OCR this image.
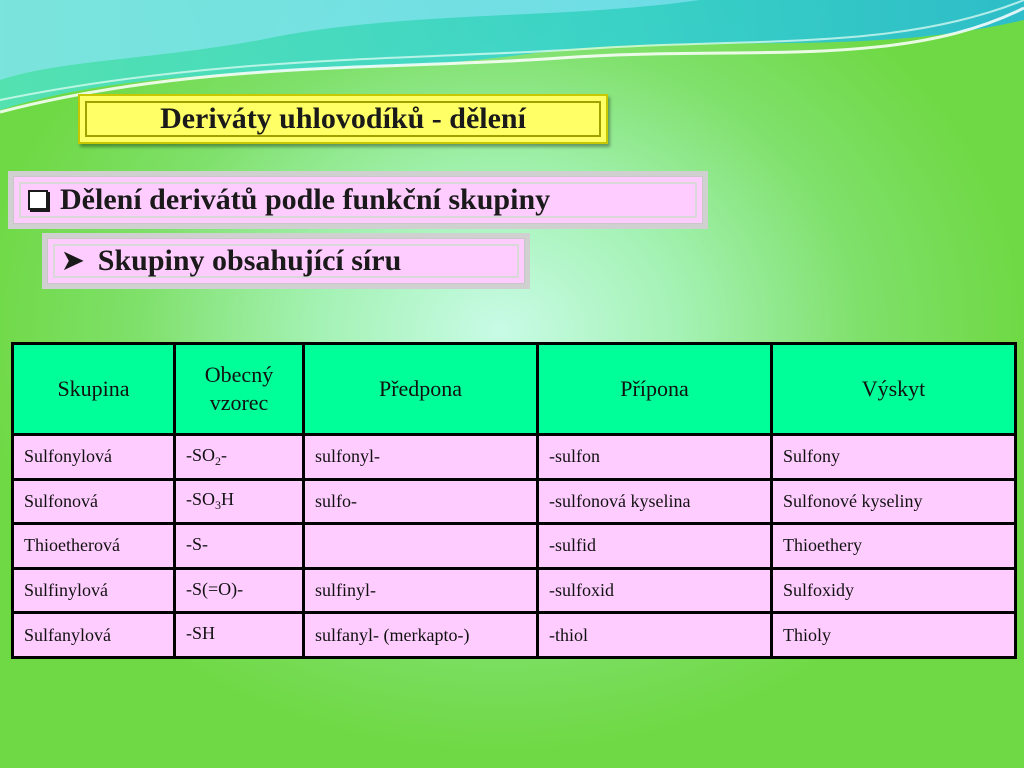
Deriváty uhlovodíků - dělení
Dělení derivátů podle funkční skupiny
➤ Skupiny obsahující síru
Skupina	Obecný vzorec	Předpona	Přípona	Výskyt
Sulfonylová	$-SO_2-$	sulfonyl-	-sulfon	Sulfony
Sulfonová	$-SO_3H$	sulfo-	-sulfonová kyselina	Sulfonové kyseliny
Thioetherová	-S-		-sulfid	Thioethery
Sulfinylová	-S(=O)-	sulfinyl-	-sulfoxid	Sulfoxidy
Sulfanylová	-SH	sulfanyl- (merkapto-)	-thiol	Thioly
